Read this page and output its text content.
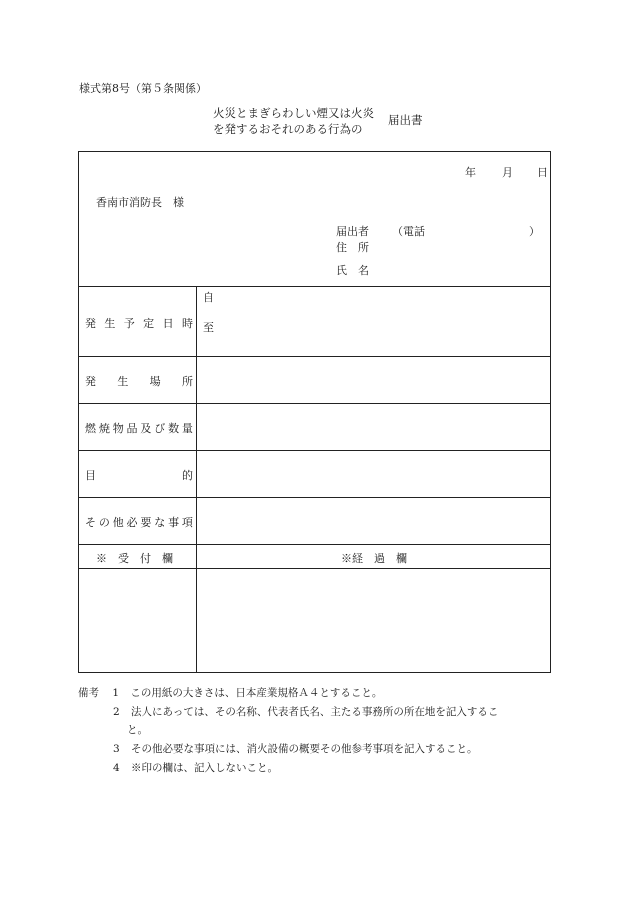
様式第8号（第５条関係）
火災とまぎらわしい煙又は火炎
を発するおそれのある行為の
届出書
年 月 日
香南市消防長　様
届出者 （電話	）
住　所
氏　名
発 生 予 定 日 時
自
至
発 生 場 所
燃 焼 物 品 及 び 数 量
目	的
そ の 他 必 要 な 事 項
※　受　付　欄	※経　過　欄
備考 1 この用紙の大きさは、日本産業規格Ａ４とすること。
2 法人にあっては、その名称、代表者氏名、主たる事務所の所在地を記入するこ
と。
3 その他必要な事項には、消火設備の概要その他参考事項を記入すること。
4 ※印の欄は、記入しないこと。
